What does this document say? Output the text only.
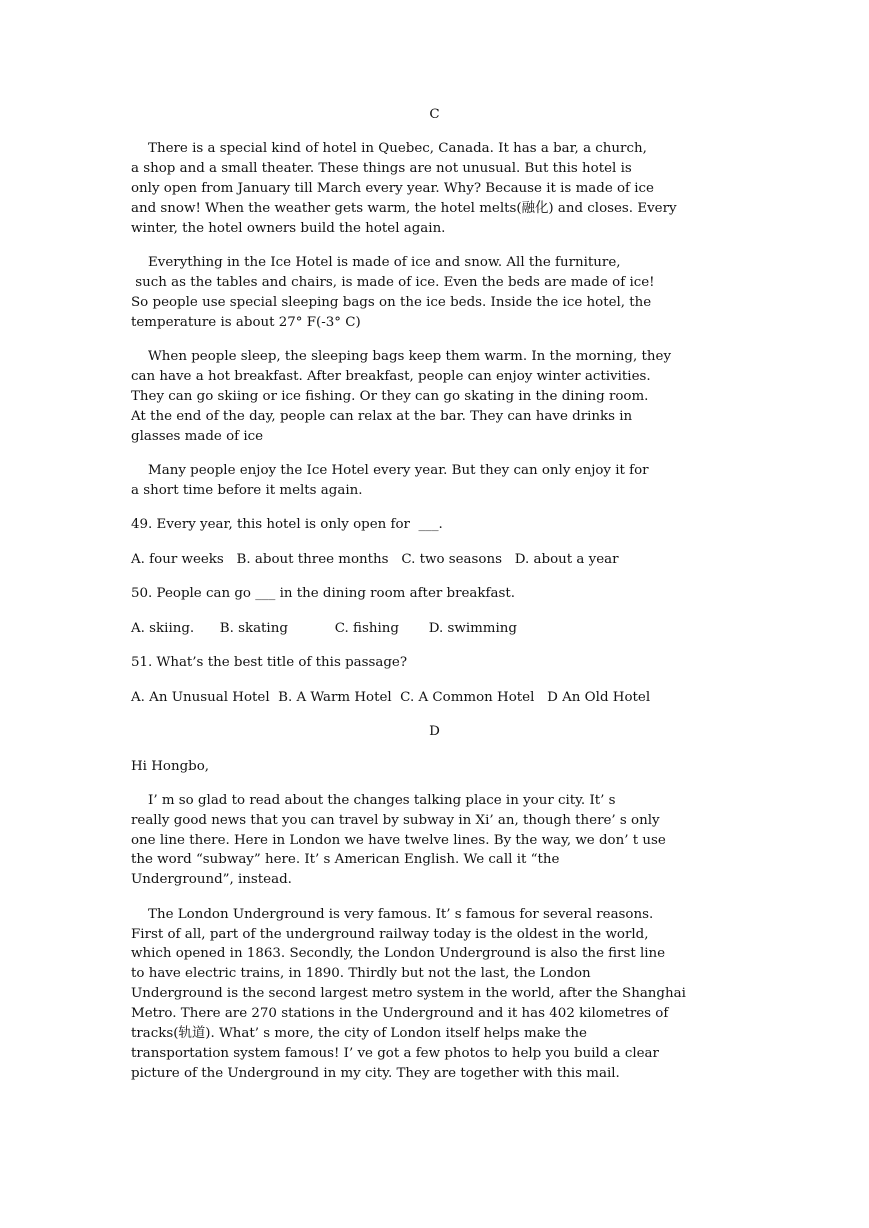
C
There is a special kind of hotel in Quebec, Canada. It has a bar, a church,
a shop and a small theater. These things are not unusual. But this hotel is
only open from January till March every year. Why? Because it is made of ice
and snow! When the weather gets warm, the hotel melts(融化) and closes. Every
winter, the hotel owners build the hotel again.
Everything in the Ice Hotel is made of ice and snow. All the furniture,
such as the tables and chairs, is made of ice. Even the beds are made of ice!
So people use special sleeping bags on the ice beds. Inside the ice hotel, the
temperature is about 27° F(-3° C)
When people sleep, the sleeping bags keep them warm. In the morning, they
can have a hot breakfast. After breakfast, people can enjoy winter activities.
They can go skiing or ice fishing. Or they can go skating in the dining room.
At the end of the day, people can relax at the bar. They can have drinks in
glasses made of ice
Many people enjoy the Ice Hotel every year. But they can only enjoy it for
a short time before it melts again.
49. Every year, this hotel is only open for  ___.
A. four weeks   B. about three months   C. two seasons   D. about a year
50. People can go ___ in the dining room after breakfast.
A. skiing.      B. skating           C. fishing       D. swimming
51. What’s the best title of this passage?
A. An Unusual Hotel  B. A Warm Hotel  C. A Common Hotel   D An Old Hotel
D
Hi Hongbo,
I’ m so glad to read about the changes talking place in your city. It’ s
really good news that you can travel by subway in Xi’ an, though there’ s only
one line there. Here in London we have twelve lines. By the way, we don’ t use
the word “subway” here. It’ s American English. We call it “the
Underground”, instead.
The London Underground is very famous. It’ s famous for several reasons.
First of all, part of the underground railway today is the oldest in the world,
which opened in 1863. Secondly, the London Underground is also the first line
to have electric trains, in 1890. Thirdly but not the last, the London
Underground is the second largest metro system in the world, after the Shanghai
Metro. There are 270 stations in the Underground and it has 402 kilometres of
tracks(轨道). What’ s more, the city of London itself helps make the
transportation system famous! I’ ve got a few photos to help you build a clear
picture of the Underground in my city. They are together with this mail.
